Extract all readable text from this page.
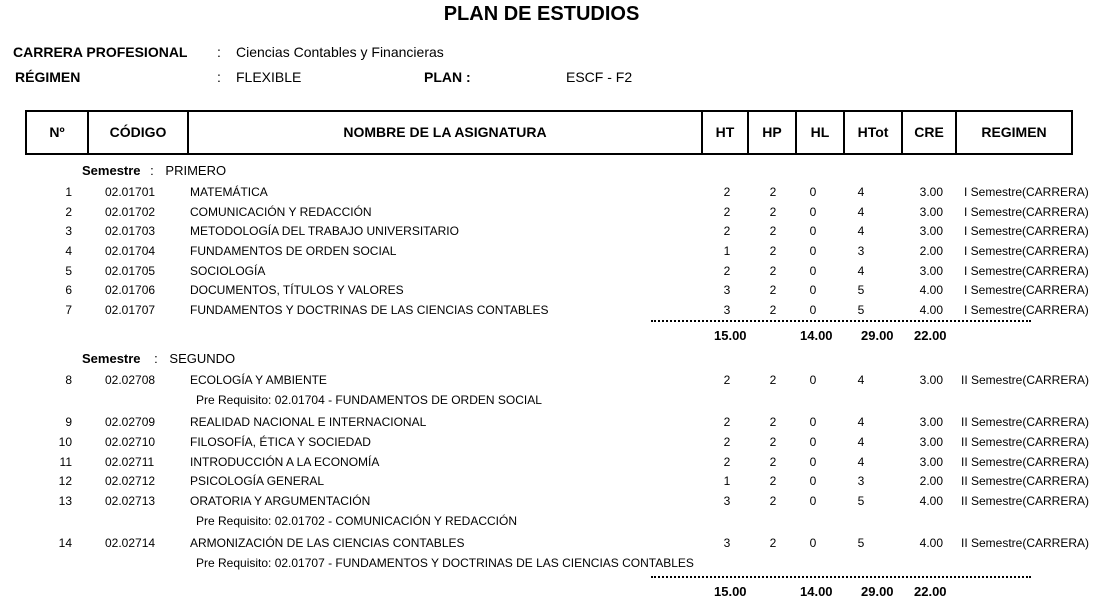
PLAN DE ESTUDIOS
CARRERA PROFESIONAL : Ciencias Contables y Financieras
RÉGIMEN	: FLEXIBLE	PLAN :	ESCF - F2
Nº	CÓDIGO	NOMBRE DE LA ASIGNATURA	HT	HP	HL	HTot	CRE	REGIMEN
Semestre : PRIMERO
1	02.01701	MATEMÁTICA	2	2	0	4	3.00 I Semestre(CARRERA)
2	02.01702	COMUNICACIÓN Y REDACCIÓN	2	2	0	4	3.00 I Semestre(CARRERA)
3	02.01703	METODOLOGÍA DEL TRABAJO UNIVERSITARIO	2	2	0	4	3.00 I Semestre(CARRERA)
4	02.01704	FUNDAMENTOS DE ORDEN SOCIAL	1	2	0	3	2.00 I Semestre(CARRERA)
5	02.01705	SOCIOLOGÍA	2	2	0	4	3.00 I Semestre(CARRERA)
6	02.01706	DOCUMENTOS, TÍTULOS Y VALORES	3	2	0	5	4.00 I Semestre(CARRERA)
7	02.01707	FUNDAMENTOS Y DOCTRINAS DE LAS CIENCIAS CONTABLES	3	2	0	5	4.00 I Semestre(CARRERA)
15.00	14.00 29.00 22.00
Semestre : SEGUNDO
8	02.02708	ECOLOGÍA Y AMBIENTE	2	2	0	4	3.00 II Semestre(CARRERA)
Pre Requisito: 02.01704 - FUNDAMENTOS DE ORDEN SOCIAL
9	02.02709	REALIDAD NACIONAL E INTERNACIONAL	2	2	0	4	3.00 II Semestre(CARRERA)
10	02.02710	FILOSOFÍA, ÉTICA Y SOCIEDAD	2	2	0	4	3.00 II Semestre(CARRERA)
11	02.02711	INTRODUCCIÓN A LA ECONOMÍA	2	2	0	4	3.00 II Semestre(CARRERA)
12	02.02712	PSICOLOGÍA GENERAL	1	2	0	3	2.00 II Semestre(CARRERA)
13	02.02713	ORATORIA Y ARGUMENTACIÓN	3	2	0	5	4.00 II Semestre(CARRERA)
Pre Requisito: 02.01702 - COMUNICACIÓN Y REDACCIÓN
14	02.02714	ARMONIZACIÓN DE LAS CIENCIAS CONTABLES	3	2	0	5	4.00 II Semestre(CARRERA)
Pre Requisito: 02.01707 - FUNDAMENTOS Y DOCTRINAS DE LAS CIENCIAS CONTABLES
15.00	14.00 29.00 22.00
